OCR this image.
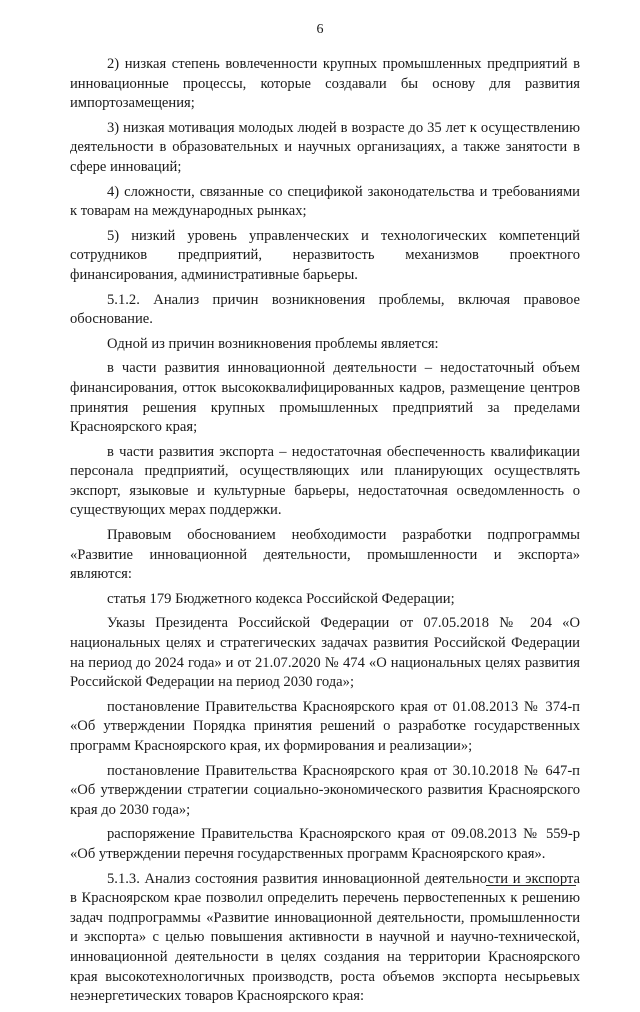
6

2) низкая степень вовлеченности крупных промышленных предприятий в инновационные процессы, которые создавали бы основу для развития импортозамещения;

3) низкая мотивация молодых людей в возрасте до 35 лет к осуществлению деятельности в образовательных и научных организациях, а также занятости в сфере инноваций;

4) сложности, связанные со спецификой законодательства и требованиями к товарам на международных рынках;

5) низкий уровень управленческих и технологических компетенций сотрудников предприятий, неразвитость механизмов проектного финансирования, административные барьеры.

5.1.2. Анализ причин возникновения проблемы, включая правовое обоснование.

Одной из причин возникновения проблемы является:

в части развития инновационной деятельности – недостаточный объем финансирования, отток высококвалифицированных кадров, размещение центров принятия решения крупных промышленных предприятий за пределами Красноярского края;

в части развития экспорта – недостаточная обеспеченность квалификации персонала предприятий, осуществляющих или планирующих осуществлять экспорт, языковые и культурные барьеры, недостаточная осведомленность о существующих мерах поддержки.

Правовым обоснованием необходимости разработки подпрограммы «Развитие инновационной деятельности, промышленности и экспорта» являются:

статья 179 Бюджетного кодекса Российской Федерации;

Указы Президента Российской Федерации от 07.05.2018 № 204 «О национальных целях и стратегических задачах развития Российской Федерации на период до 2024 года» и от 21.07.2020 № 474 «О национальных целях развития Российской Федерации на период 2030 года»;

постановление Правительства Красноярского края от 01.08.2013 № 374-п «Об утверждении Порядка принятия решений о разработке государственных программ Красноярского края, их формирования и реализации»;

постановление Правительства Красноярского края от 30.10.2018 № 647-п «Об утверждении стратегии социально-экономического развития Красноярского края до 2030 года»;

распоряжение Правительства Красноярского края от 09.08.2013 № 559-р «Об утверждении перечня государственных программ Красноярского края».

5.1.3. Анализ состояния развития инновационной деятельности и экспорта в Красноярском крае позволил определить перечень первостепенных к решению задач подпрограммы «Развитие инновационной деятельности, промышленности и экспорта» с целью повышения активности в научной и научно-технической, инновационной деятельности в целях создания на территории Красноярского края высокотехнологичных производств, роста объемов экспорта несырьевых неэнергетических товаров Красноярского края:
